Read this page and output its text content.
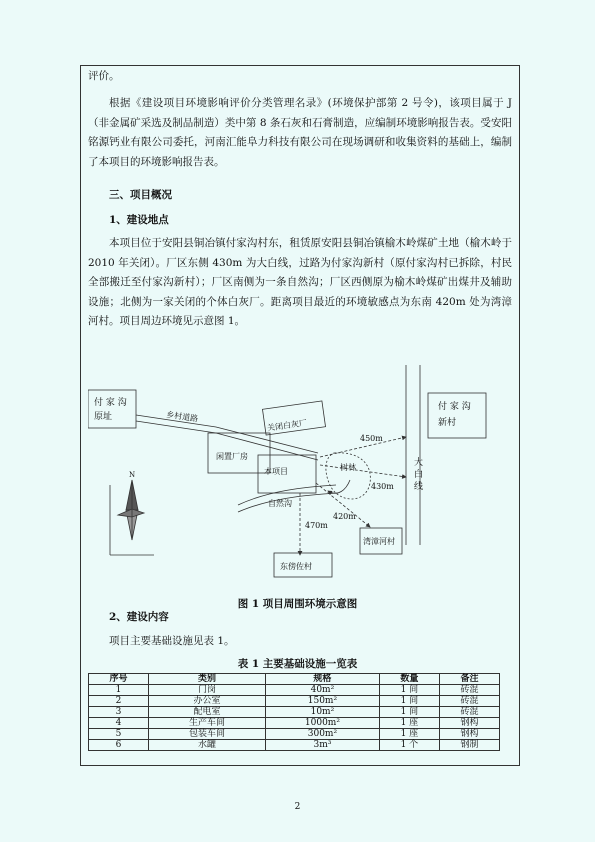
评价。

根据《建设项目环境影响评价分类管理名录》(环境保护部第 2 号令)，该项目属于 J（非金属矿采选及制品制造）类中第 8 条石灰和石膏制造，应编制环境影响报告表。受安阳铭源钙业有限公司委托，河南汇能阜力科技有限公司在现场调研和收集资料的基础上，编制了本项目的环境影响报告表。

三、项目概况

1、建设地点

本项目位于安阳县铜冶镇付家沟村东，租赁原安阳县铜冶镇榆木岭煤矿土地（榆木岭于 2010 年关闭）。厂区东侧 430m 为大白线，过路为付家沟新村（原付家沟村已拆除，村民全部搬迁至付家沟新村）；厂区南侧为一条自然沟；厂区西侧原为榆木岭煤矿出煤井及辅助设施；北侧为一家关闭的个体白灰厂。距离项目最近的环境敏感点为东南 420m 处为湾漳河村。项目周边环境见示意图 1。

付 家 沟原址	乡村道路
关闭白灰厂
闲置厂房
本项目
付 家 沟新村
大白线
450m
430m
420m
470m
树林
自然沟
湾漳河村
东傍佐村
N
图 1 项目周围环境示意图

2、建设内容

项目主要基础设施见表 1。

表 1 主要基础设施一览表
序号	类别	规格	数量	备注
1	门岗	40m²	1 间	砖混
2	办公室	150m²	1 间	砖混
3	配电室	10m²	1 间	砖混
4	生产车间	1000m²	1 座	钢构
5	包装车间	300m²	1 座	钢构
6	水罐	3m³	1 个	钢制
2
